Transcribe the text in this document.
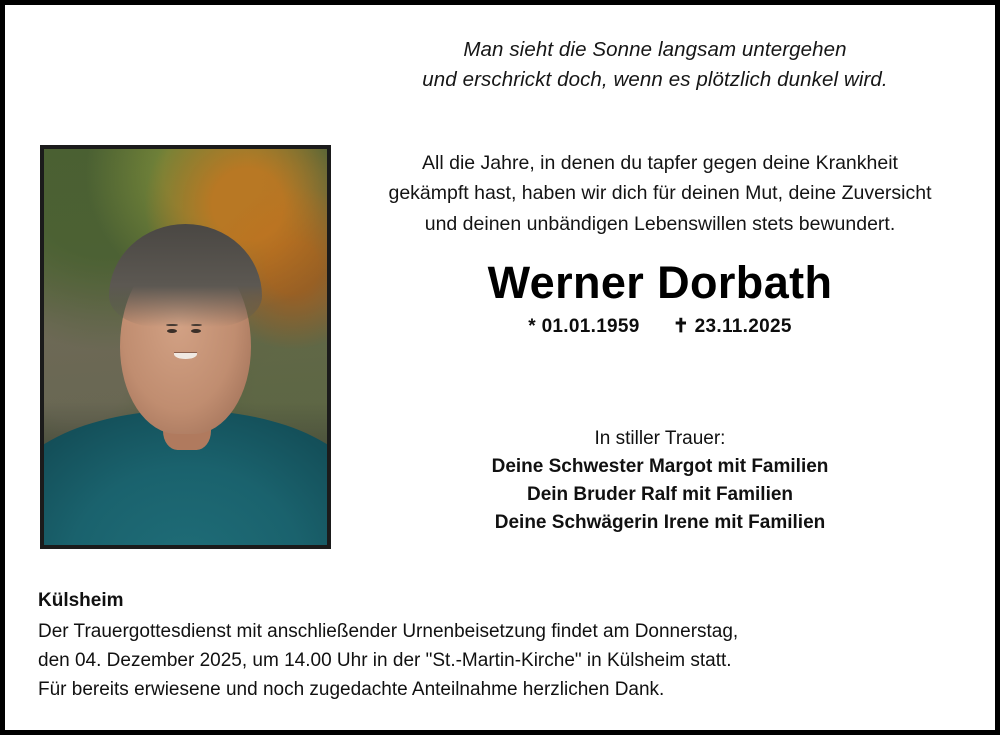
Man sieht die Sonne langsam untergehen
und erschrickt doch, wenn es plötzlich dunkel wird.
All die Jahre, in denen du tapfer gegen deine Krankheit
gekämpft hast, haben wir dich für deinen Mut, deine Zuversicht
und deinen unbändigen Lebenswillen stets bewundert.
Werner Dorbath
* 01.01.1959 ✝ 23.11.2025
In stiller Trauer:
Deine Schwester Margot mit Familien
Dein Bruder Ralf mit Familien
Deine Schwägerin Irene mit Familien
Külsheim
Der Trauergottesdienst mit anschließender Urnenbeisetzung findet am Donnerstag,
den 04. Dezember 2025, um 14.00 Uhr in der "St.-Martin-Kirche" in Külsheim statt.
Für bereits erwiesene und noch zugedachte Anteilnahme herzlichen Dank.
